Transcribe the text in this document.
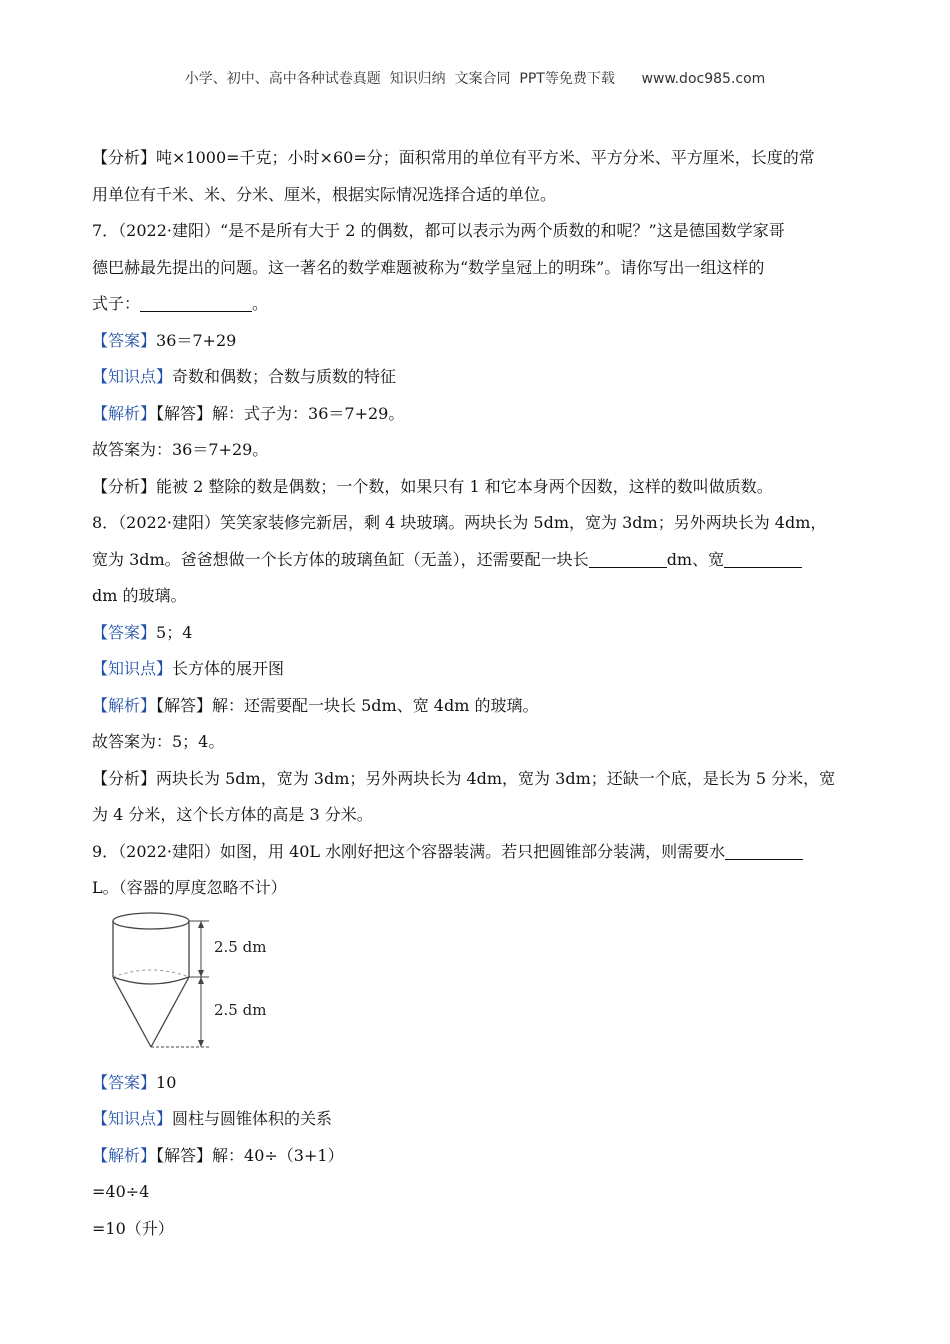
小学、初中、高中各种试卷真题  知识归纳  文案合同  PPT等免费下载      www.doc985.com
【分析】吨×1000=千克；小时×60=分；面积常用的单位有平方米、平方分米、平方厘米，长度的常
用单位有千米、米、分米、厘米，根据实际情况选择合适的单位。
7．（2022·建阳）“是不是所有大于 2 的偶数，都可以表示为两个质数的和呢？”这是德国数学家哥
德巴赫最先提出的问题。这一著名的数学难题被称为“数学皇冠上的明珠”。请你写出一组这样的
式子：	。
【答案】36＝7+29
【知识点】奇数和偶数；合数与质数的特征
【解析】【解答】解：式子为：36＝7+29。
故答案为：36＝7+29。
【分析】能被 2 整除的数是偶数；一个数，如果只有 1 和它本身两个因数，这样的数叫做质数。
8．（2022·建阳）笑笑家装修完新居，剩 4 块玻璃。两块长为 5dm，宽为 3dm；另外两块长为 4dm，
宽为 3dm。爸爸想做一个长方体的玻璃鱼缸（无盖），还需要配一块长	dm、宽
dm 的玻璃。
【答案】5；4
【知识点】长方体的展开图
【解析】【解答】解：还需要配一块长 5dm、宽 4dm 的玻璃。
故答案为：5；4。
【分析】两块长为 5dm，宽为 3dm；另外两块长为 4dm，宽为 3dm；还缺一个底，是长为 5 分米，宽
为 4 分米，这个长方体的高是 3 分米。
9．（2022·建阳）如图，用 40L 水刚好把这个容器装满。若只把圆锥部分装满，则需要水
L。（容器的厚度忽略不计）
2.5 dm
2.5 dm
【答案】10
【知识点】圆柱与圆锥体积的关系
【解析】【解答】解：40÷（3+1）
=40÷4
=10（升）
